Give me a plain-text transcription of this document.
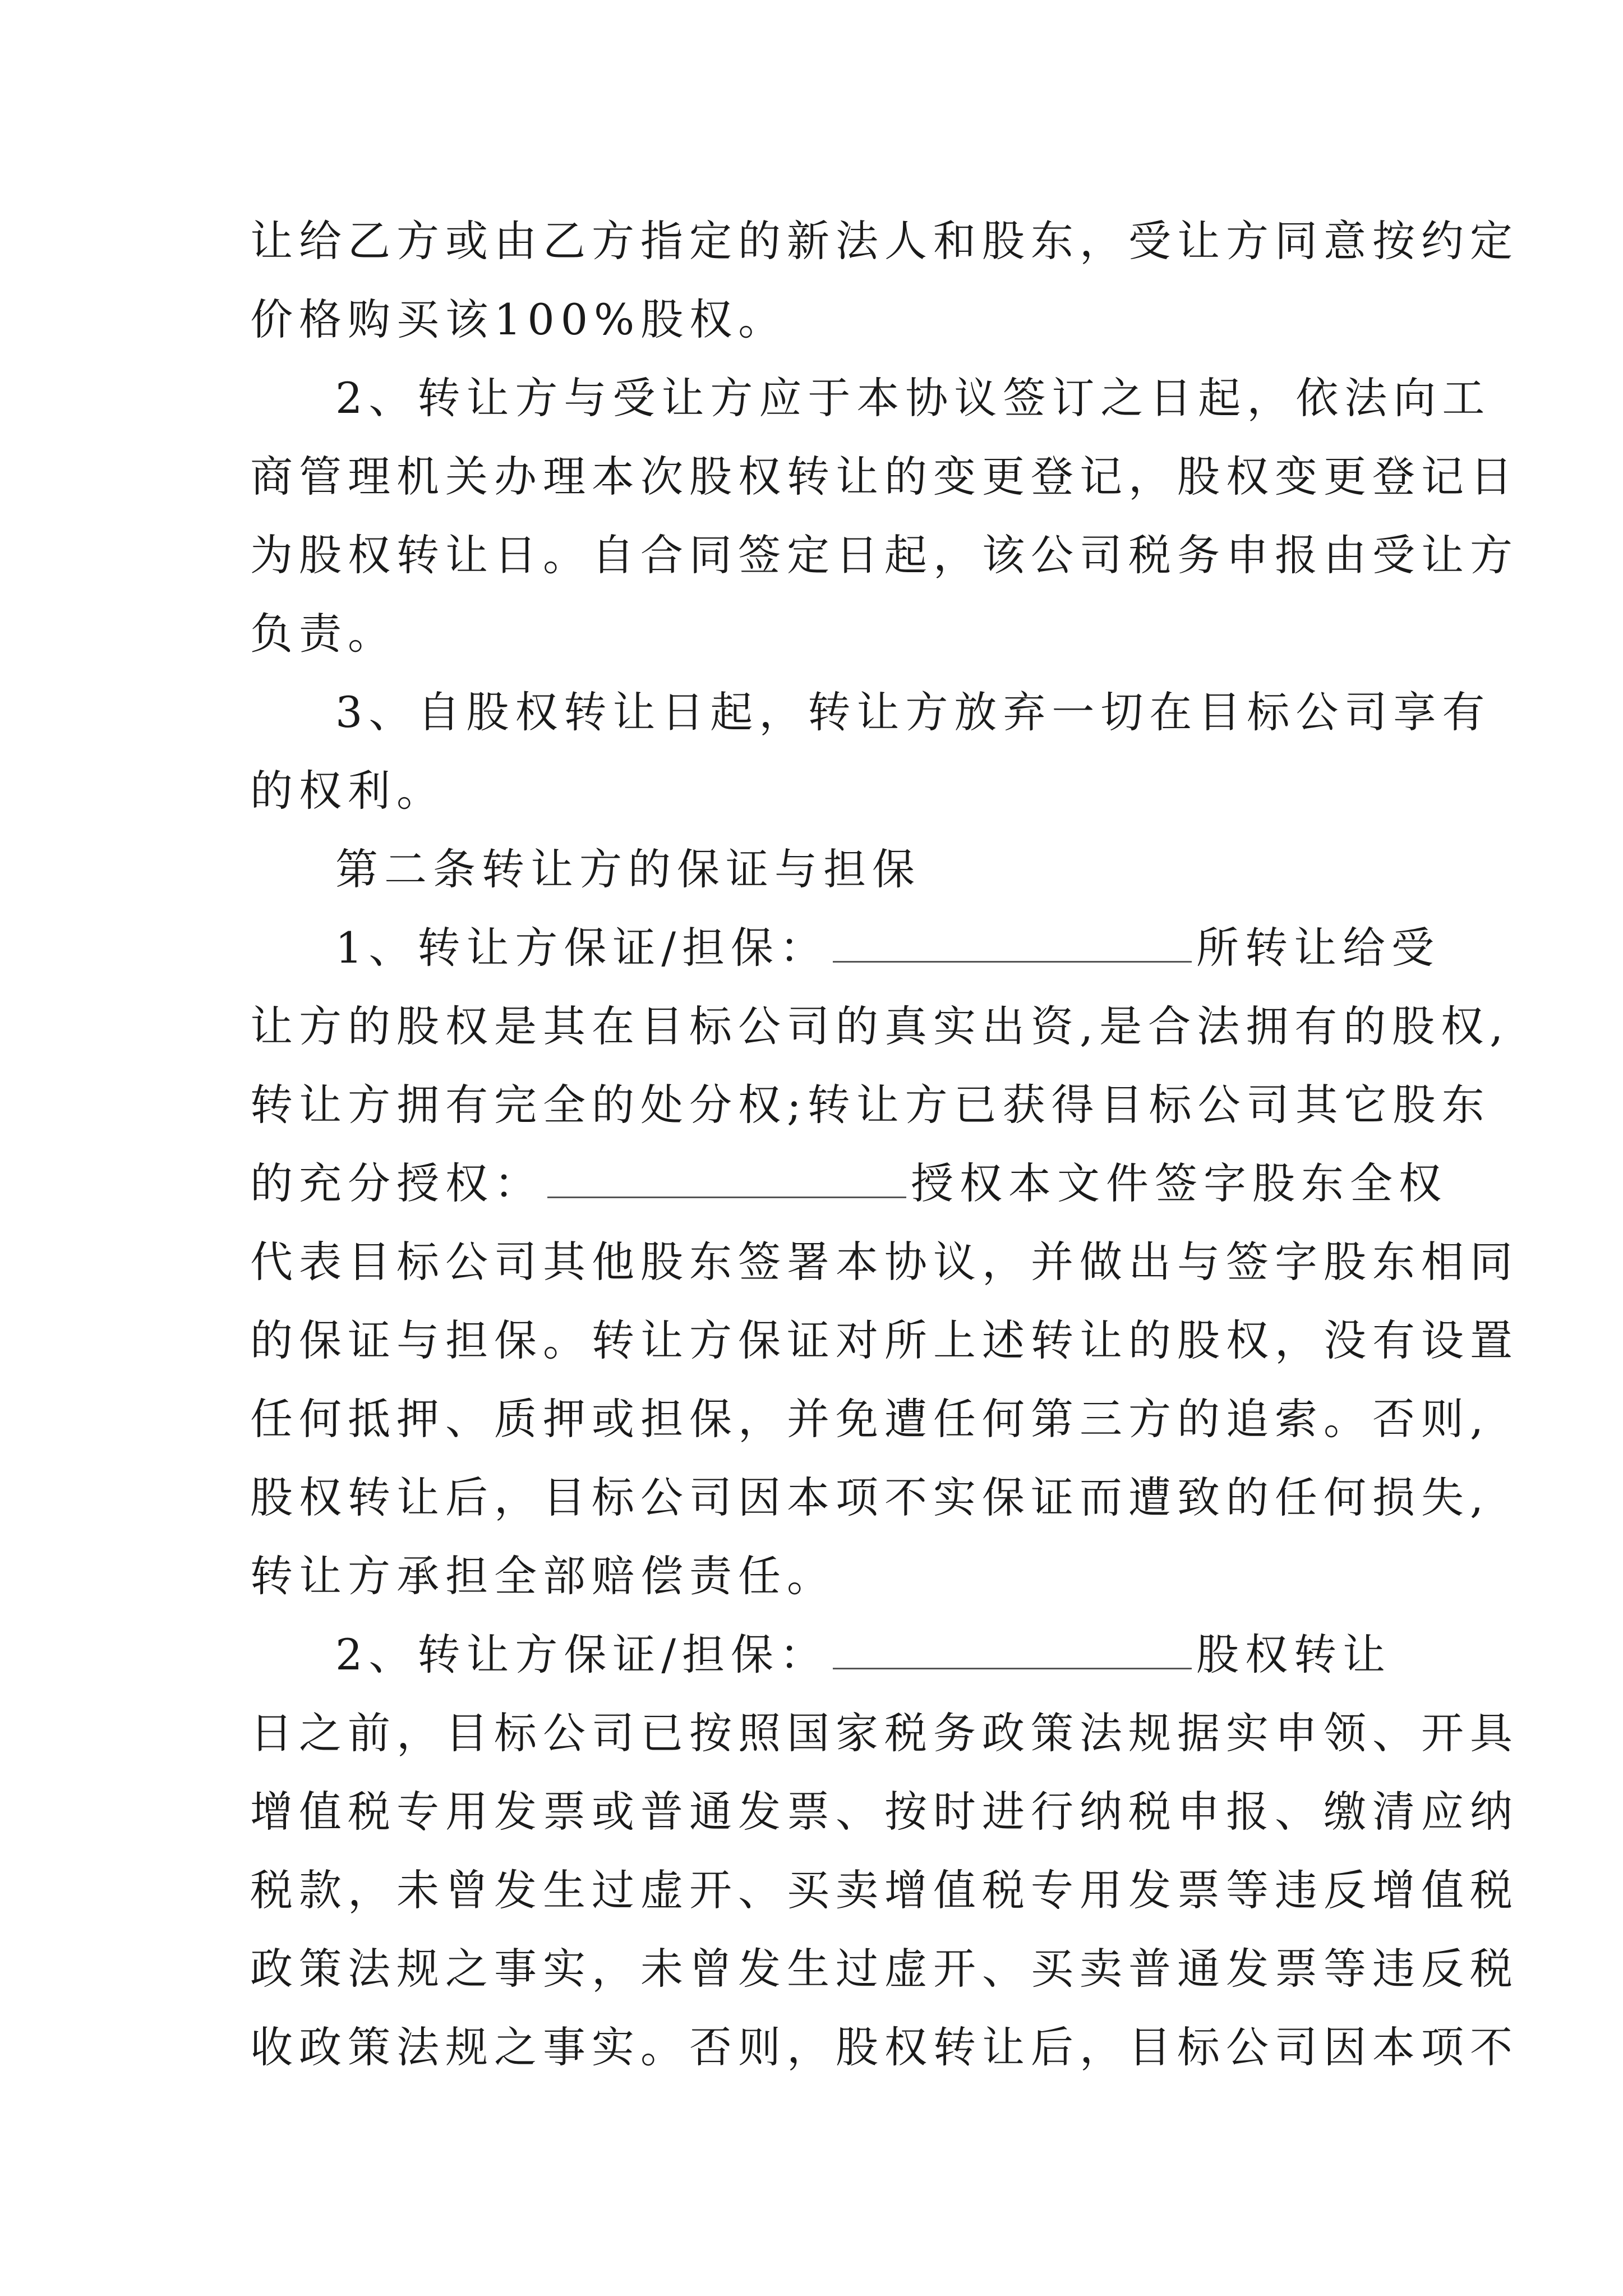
让给乙方或由乙方指定的新法人和股东，受让方同意按约定
价格购买该100%股权。
2、转让方与受让方应于本协议签订之日起，依法向工
商管理机关办理本次股权转让的变更登记，股权变更登记日
为股权转让日。自合同签定日起，该公司税务申报由受让方
负责。
3、自股权转让日起，转让方放弃一切在目标公司享有
的权利。
第二条转让方的保证与担保
1、转让方保证/担保：	所转让给受
让方的股权是其在目标公司的真实出资,是合法拥有的股权,
转让方拥有完全的处分权;转让方已获得目标公司其它股东
的充分授权：	授权本文件签字股东全权
代表目标公司其他股东签署本协议，并做出与签字股东相同
的保证与担保。转让方保证对所上述转让的股权，没有设置
任何抵押、质押或担保，并免遭任何第三方的追索。否则,
股权转让后，目标公司因本项不实保证而遭致的任何损失,
转让方承担全部赔偿责任。
2、转让方保证/担保：	股权转让
日之前，目标公司已按照国家税务政策法规据实申领、开具
增值税专用发票或普通发票、按时进行纳税申报、缴清应纳
税款，未曾发生过虚开、买卖增值税专用发票等违反增值税
政策法规之事实，未曾发生过虚开、买卖普通发票等违反税
收政策法规之事实。否则，股权转让后，目标公司因本项不
